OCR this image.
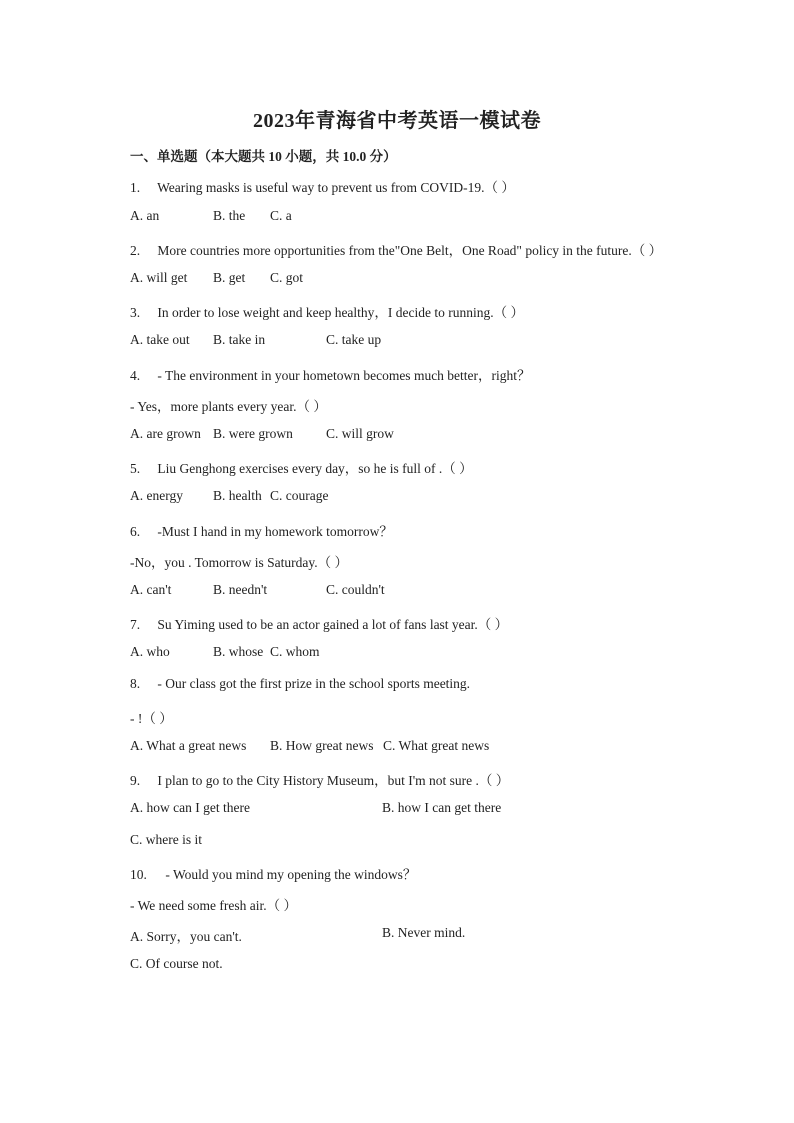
2023年青海省中考英语一模试卷
一、单选题（本大题共 10 小题，共 10.0 分）
1. Wearing masks is useful way to prevent us from COVID-19.（ ）
A. an	B. the C. a
2. More countries more opportunities from the"One Belt，One Road" policy in the future.（ ）
A. will get B. get C. got
3. In order to lose weight and keep healthy，I decide to running.（ ）
A. take out B. take in	C. take up
4. - The environment in your hometown becomes much better，right？
- Yes，more plants every year.（ ）
A. are grown B. were grown C. will grow
5. Liu Genghong exercises every day，so he is full of .（ ）
A. energy B. health C. courage
6. -Must I hand in my homework tomorrow？
-No，you . Tomorrow is Saturday.（ ）
A. can't	B. needn't	C. couldn't
7. Su Yiming used to be an actor gained a lot of fans last year.（ ）
A. who	B. whose C. whom
8. - Our class got the first prize in the school sports meeting.
- !（ ）
A. What a great news B. How great news C. What great news
9. I plan to go to the City History Museum，but I'm not sure .（ ）
A. how can I get there	B. how I can get there
C. where is it
10. - Would you mind my opening the windows？
- We need some fresh air.（ ）
A. Sorry，you can't.	B. Never mind.
C. Of course not.
